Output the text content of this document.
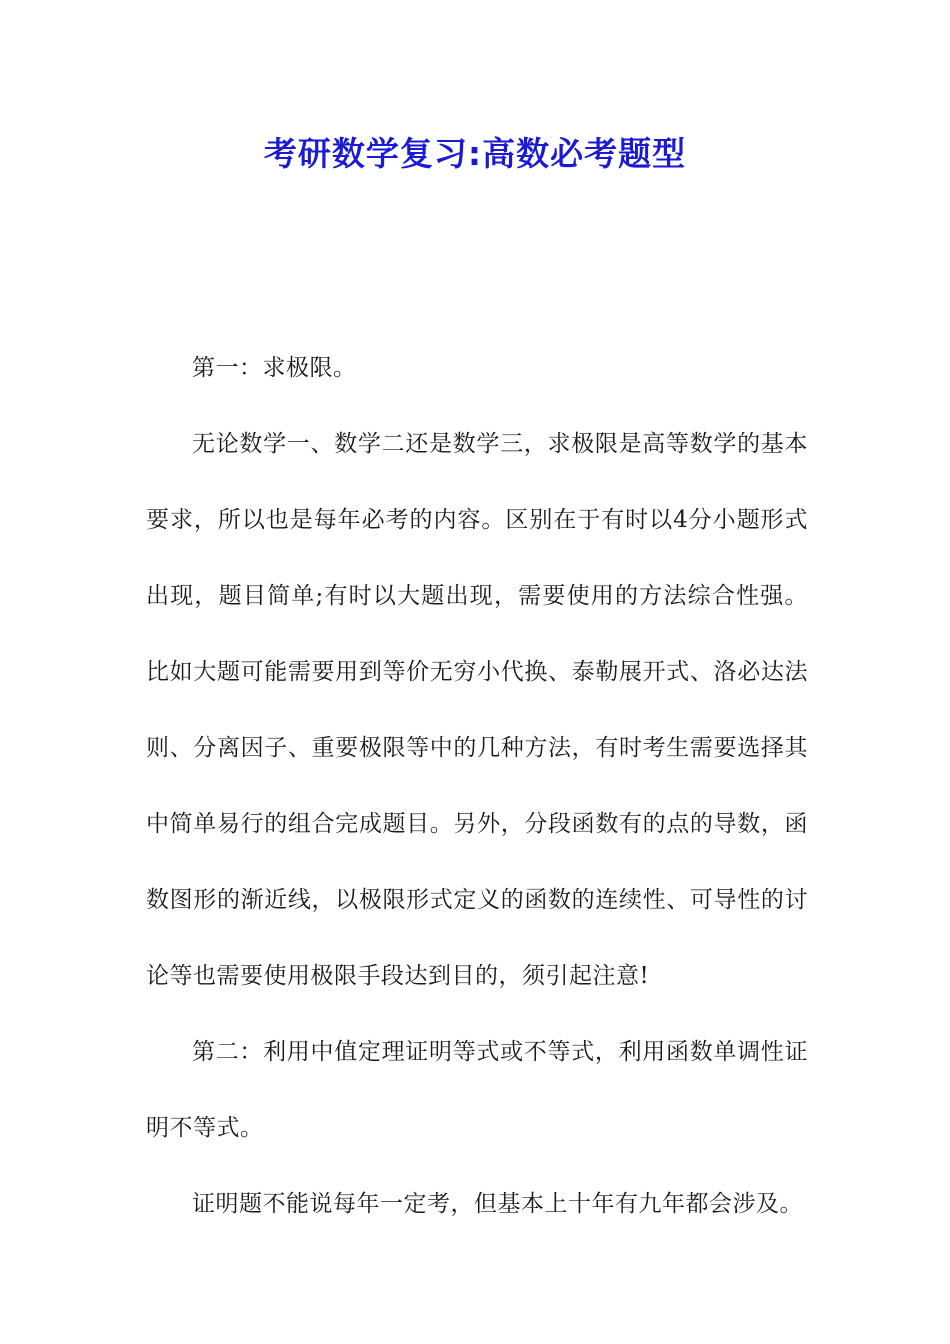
考研数学复习:高数必考题型

第一：求极限。

无论数学一、数学二还是数学三，求极限是高等数学的基本要求，所以也是每年必考的内容。区别在于有时以4分小题形式出现，题目简单;有时以大题出现，需要使用的方法综合性强。比如大题可能需要用到等价无穷小代换、泰勒展开式、洛必达法则、分离因子、重要极限等中的几种方法，有时考生需要选择其中简单易行的组合完成题目。另外，分段函数有的点的导数，函数图形的渐近线，以极限形式定义的函数的连续性、可导性的讨论等也需要使用极限手段达到目的，须引起注意!

第二：利用中值定理证明等式或不等式，利用函数单调性证明不等式。

证明题不能说每年一定考，但基本上十年有九年都会涉及。
